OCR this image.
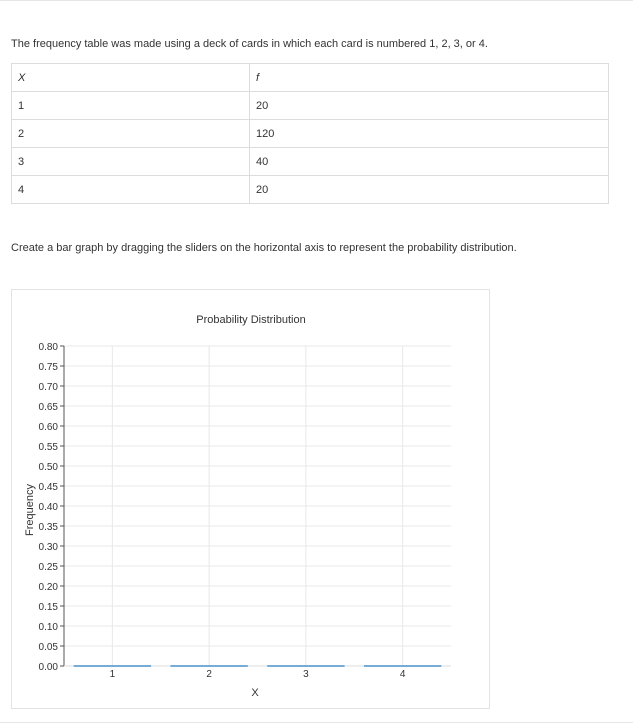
The frequency table was made using a deck of cards in which each card is numbered 1, 2, 3, or 4.
X	f
1	20
2	120
3	40
4	20
Create a bar graph by dragging the sliders on the horizontal axis to represent the probability distribution.
Probability Distribution
0.00
0.05
0.10
0.15
0.20
0.25
0.30
0.35
0.40
0.45
0.50
0.55
0.60
0.65
0.70
0.75
0.80
1	2	3	4
Frequency
X
